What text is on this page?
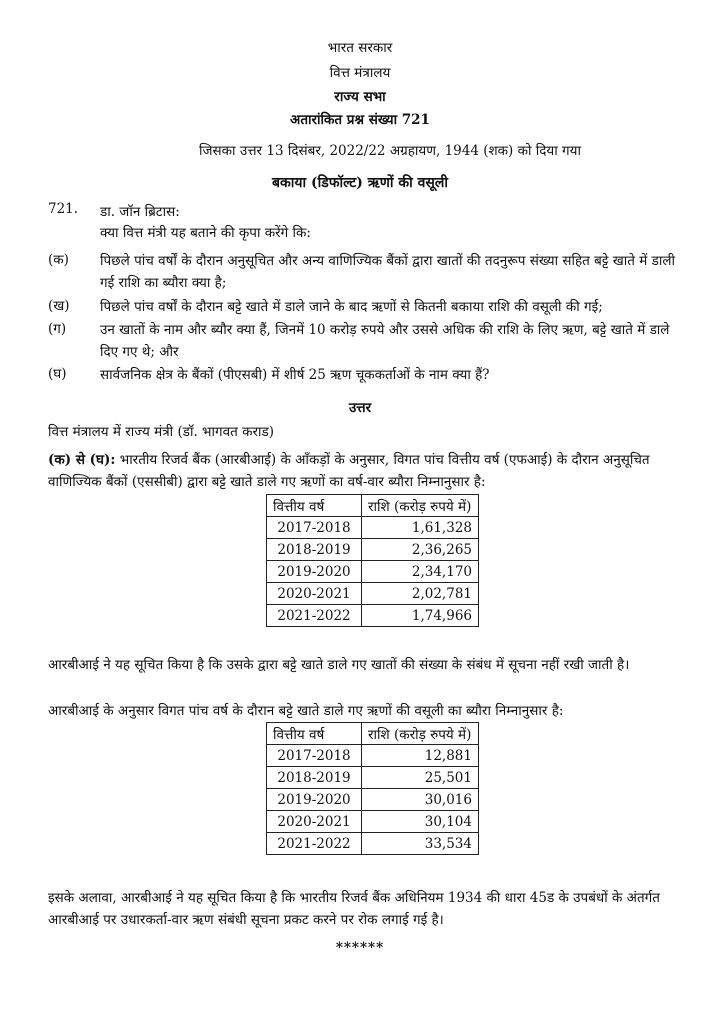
भारत सरकार
वित्त मंत्रालय
राज्य सभा
अतारांकित प्रश्न संख्या 721
जिसका उत्तर 13 दिसंबर, 2022/22 अग्रहायण, 1944 (शक) को दिया गया
बकाया (डिफॉल्ट) ऋणों की वसूली
721. डा. जॉन ब्रिटास:
क्या वित्त मंत्री यह बताने की कृपा करेंगे कि:
(क) पिछले पांच वर्षों के दौरान अनुसूचित और अन्य वाणिज्यिक बैंकों द्वारा खातों की तदनुरूप संख्या सहित बट्टे खाते में डाली गई राशि का ब्यौरा क्या है;
(ख) पिछले पांच वर्षों के दौरान बट्टे खाते में डाले जाने के बाद ऋणों से कितनी बकाया राशि की वसूली की गई;
(ग)	उन खातों के नाम और ब्यौर क्या हैं, जिनमें 10 करोड़ रुपये और उससे अधिक की राशि के लिए ऋण, बट्टे खाते में डाले दिए गए थे; और
(घ) सार्वजनिक क्षेत्र के बैंकों (पीएसबी) में शीर्ष 25 ऋण चूककर्ताओं के नाम क्या हैं?
उत्तर
वित्त मंत्रालय में राज्य मंत्री (डॉ. भागवत कराड)
(क) से (घ): भारतीय रिजर्व बैंक (आरबीआई) के आँकड़ों के अनुसार, विगत पांच वित्तीय वर्ष (एफआई) के दौरान अनुसूचित वाणिज्यिक बैंकों (एससीबी) द्वारा बट्टे खाते डाले गए ऋणों का वर्ष-वार ब्यौरा निम्नानुसार है:
वित्तीय वर्ष	राशि (करोड़ रुपये में)
2017-2018	1,61,328
2018-2019	2,36,265
2019-2020	2,34,170
2020-2021	2,02,781
2021-2022	1,74,966
आरबीआई ने यह सूचित किया है कि उसके द्वारा बट्टे खाते डाले गए खातों की संख्या के संबंध में सूचना नहीं रखी जाती है।
आरबीआई के अनुसार विगत पांच वर्ष के दौरान बट्टे खाते डाले गए ऋणों की वसूली का ब्यौरा निम्नानुसार है:
वित्तीय वर्ष	राशि (करोड़ रुपये में)
2017-2018	12,881
2018-2019	25,501
2019-2020	30,016
2020-2021	30,104
2021-2022	33,534
इसके अलावा, आरबीआई ने यह सूचित किया है कि भारतीय रिजर्व बैंक अधिनियम 1934 की धारा 45ड के उपबंधों के अंतर्गत आरबीआई पर उधारकर्ता-वार ऋण संबंधी सूचना प्रकट करने पर रोक लगाई गई है।
******
